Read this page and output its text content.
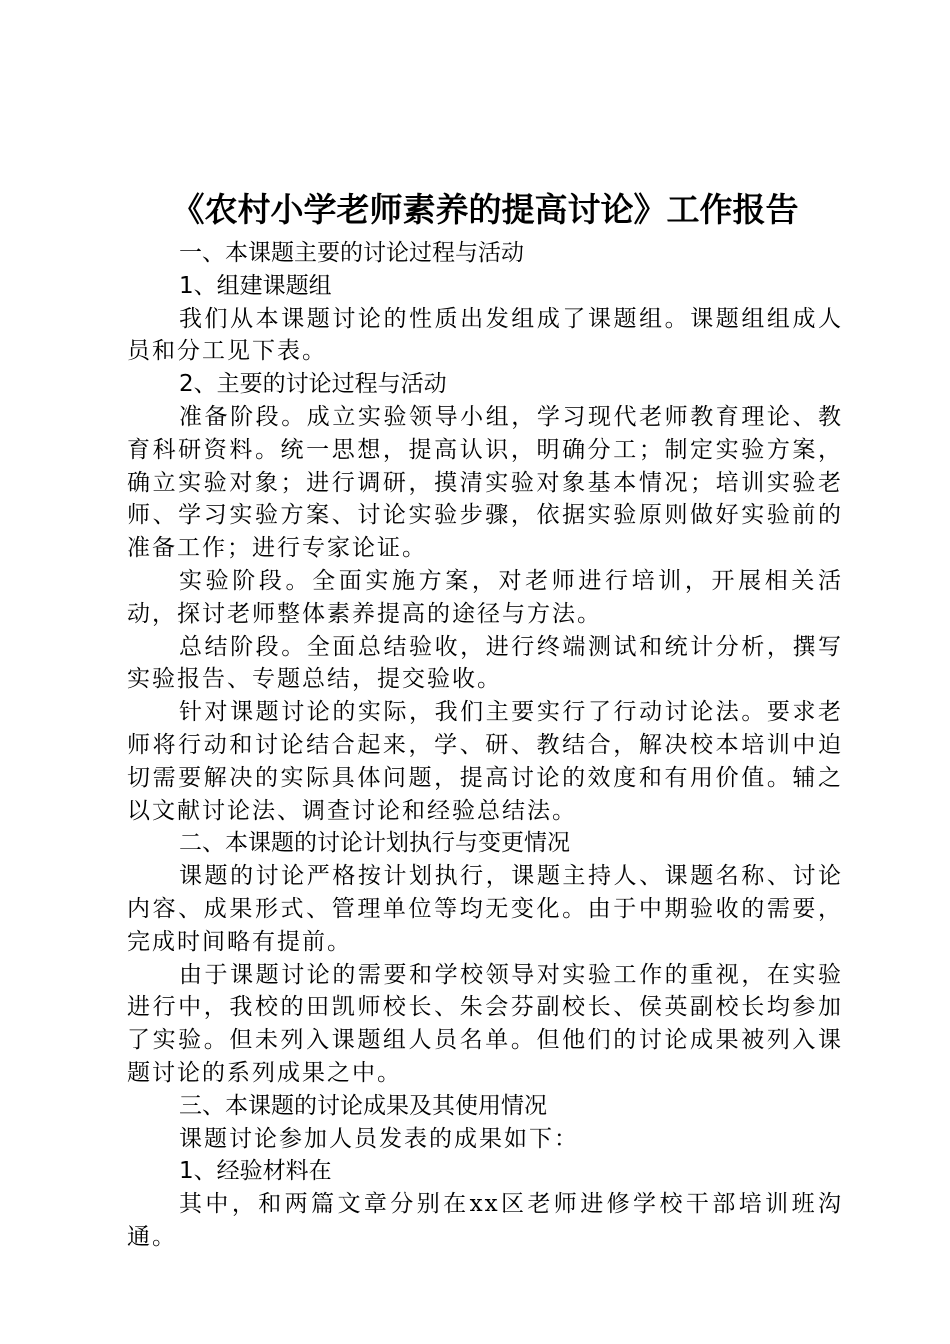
《农村小学老师素养的提高讨论》工作报告

一、本课题主要的讨论过程与活动

1、组建课题组

我们从本课题讨论的性质出发组成了课题组。课题组组成人员和分工见下表。

2、主要的讨论过程与活动

准备阶段。成立实验领导小组，学习现代老师教育理论、教育科研资料。统一思想，提高认识，明确分工；制定实验方案，确立实验对象；进行调研，摸清实验对象基本情况；培训实验老师、学习实验方案、讨论实验步骤，依据实验原则做好实验前的准备工作；进行专家论证。

实验阶段。全面实施方案，对老师进行培训，开展相关活动，探讨老师整体素养提高的途径与方法。

总结阶段。全面总结验收，进行终端测试和统计分析，撰写实验报告、专题总结，提交验收。

针对课题讨论的实际，我们主要实行了行动讨论法。要求老师将行动和讨论结合起来，学、研、教结合，解决校本培训中迫切需要解决的实际具体问题，提高讨论的效度和有用价值。辅之以文献讨论法、调查讨论和经验总结法。

二、本课题的讨论计划执行与变更情况

课题的讨论严格按计划执行，课题主持人、课题名称、讨论内容、成果形式、管理单位等均无变化。由于中期验收的需要，完成时间略有提前。

由于课题讨论的需要和学校领导对实验工作的重视，在实验进行中，我校的田凯师校长、朱会芬副校长、侯英副校长均参加了实验。但未列入课题组人员名单。但他们的讨论成果被列入课题讨论的系列成果之中。

三、本课题的讨论成果及其使用情况

课题讨论参加人员发表的成果如下：

1、经验材料在

其中，和两篇文章分别在xx区老师进修学校干部培训班沟通。
